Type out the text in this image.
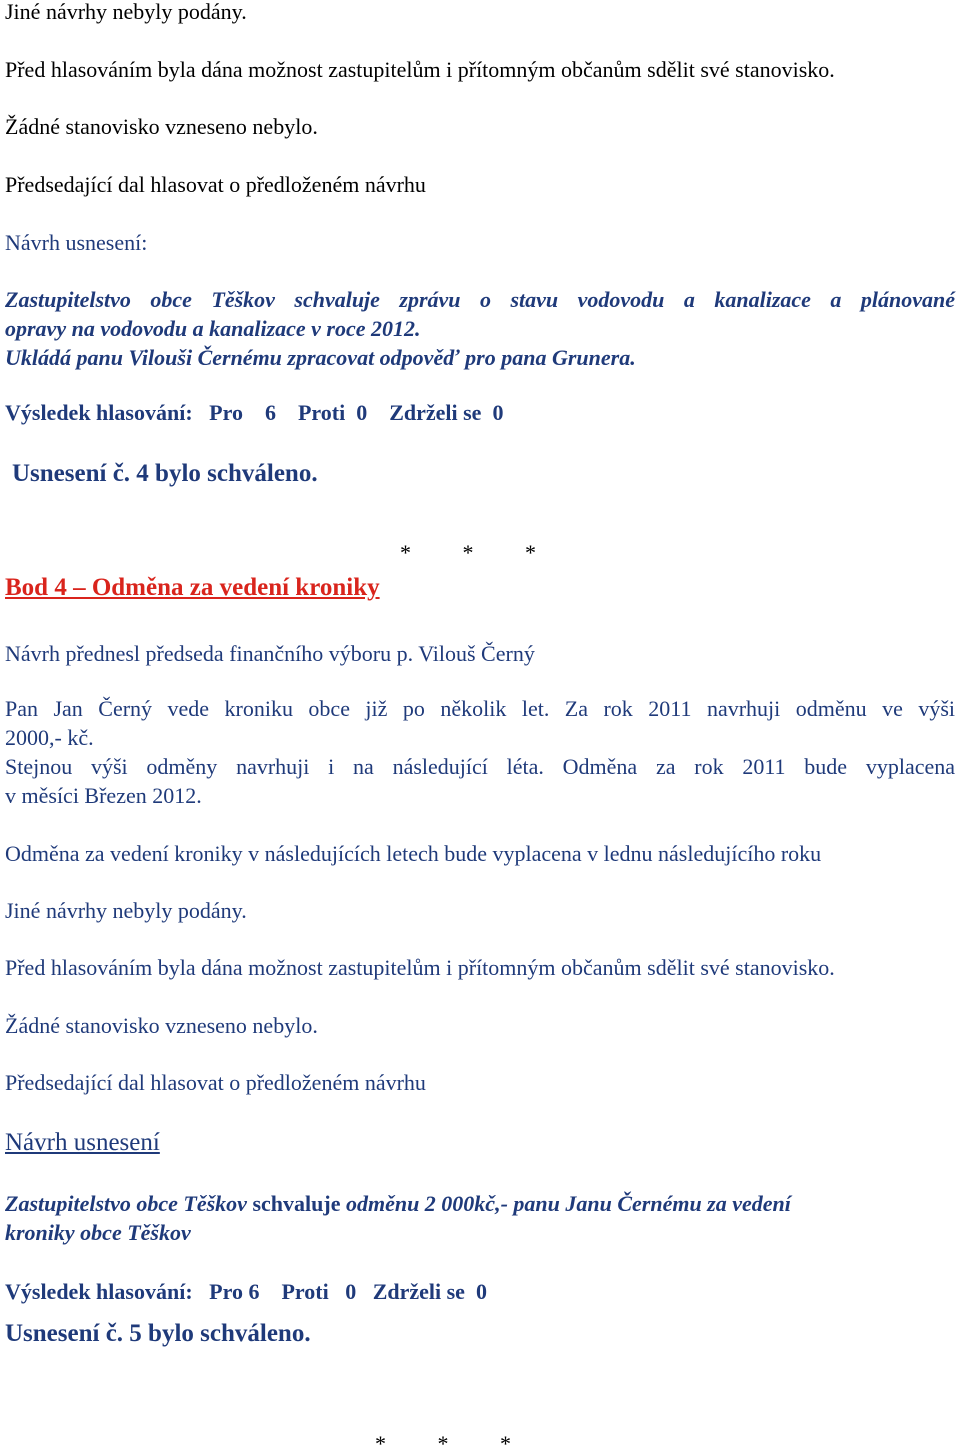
Jiné návrhy nebyly podány.

Před hlasováním byla dána možnost zastupitelům i přítomným občanům sdělit své stanovisko.

Žádné stanovisko vzneseno nebylo.

Předsedající dal hlasovat o předloženém návrhu

Návrh usnesení:

Zastupitelstvo obce Těškov schvaluje zprávu o stavu vodovodu a kanalizace a plánované

opravy na vodovodu a kanalizace v roce 2012.

Ukládá panu Vilouši Černému zpracovat odpověď pro pana Grunera.

Výsledek hlasování:   Pro    6    Proti  0    Zdrželi se  0

Usnesení č. 4 bylo schváleno.

* * *

Bod 4 – Odměna za vedení kroniky

Návrh přednesl předseda finančního výboru p. Vilouš Černý

Pan Jan Černý vede kroniku obce již po několik let. Za rok 2011 navrhuji odměnu ve výši

2000,- kč.

Stejnou výši odměny navrhuji i na následující léta. Odměna za rok 2011 bude vyplacena

v měsíci Březen 2012.

Odměna za vedení kroniky v následujících letech bude vyplacena v lednu následujícího roku

Jiné návrhy nebyly podány.

Před hlasováním byla dána možnost zastupitelům i přítomným občanům sdělit své stanovisko.

Žádné stanovisko vzneseno nebylo.

Předsedající dal hlasovat o předloženém návrhu

Návrh usnesení

Zastupitelstvo obce Těškov schvaluje odměnu 2 000kč,- panu Janu Černému za vedení

kroniky obce Těškov

Výsledek hlasování:   Pro 6    Proti   0   Zdrželi se  0

Usnesení č. 5 bylo schváleno.

* * *
